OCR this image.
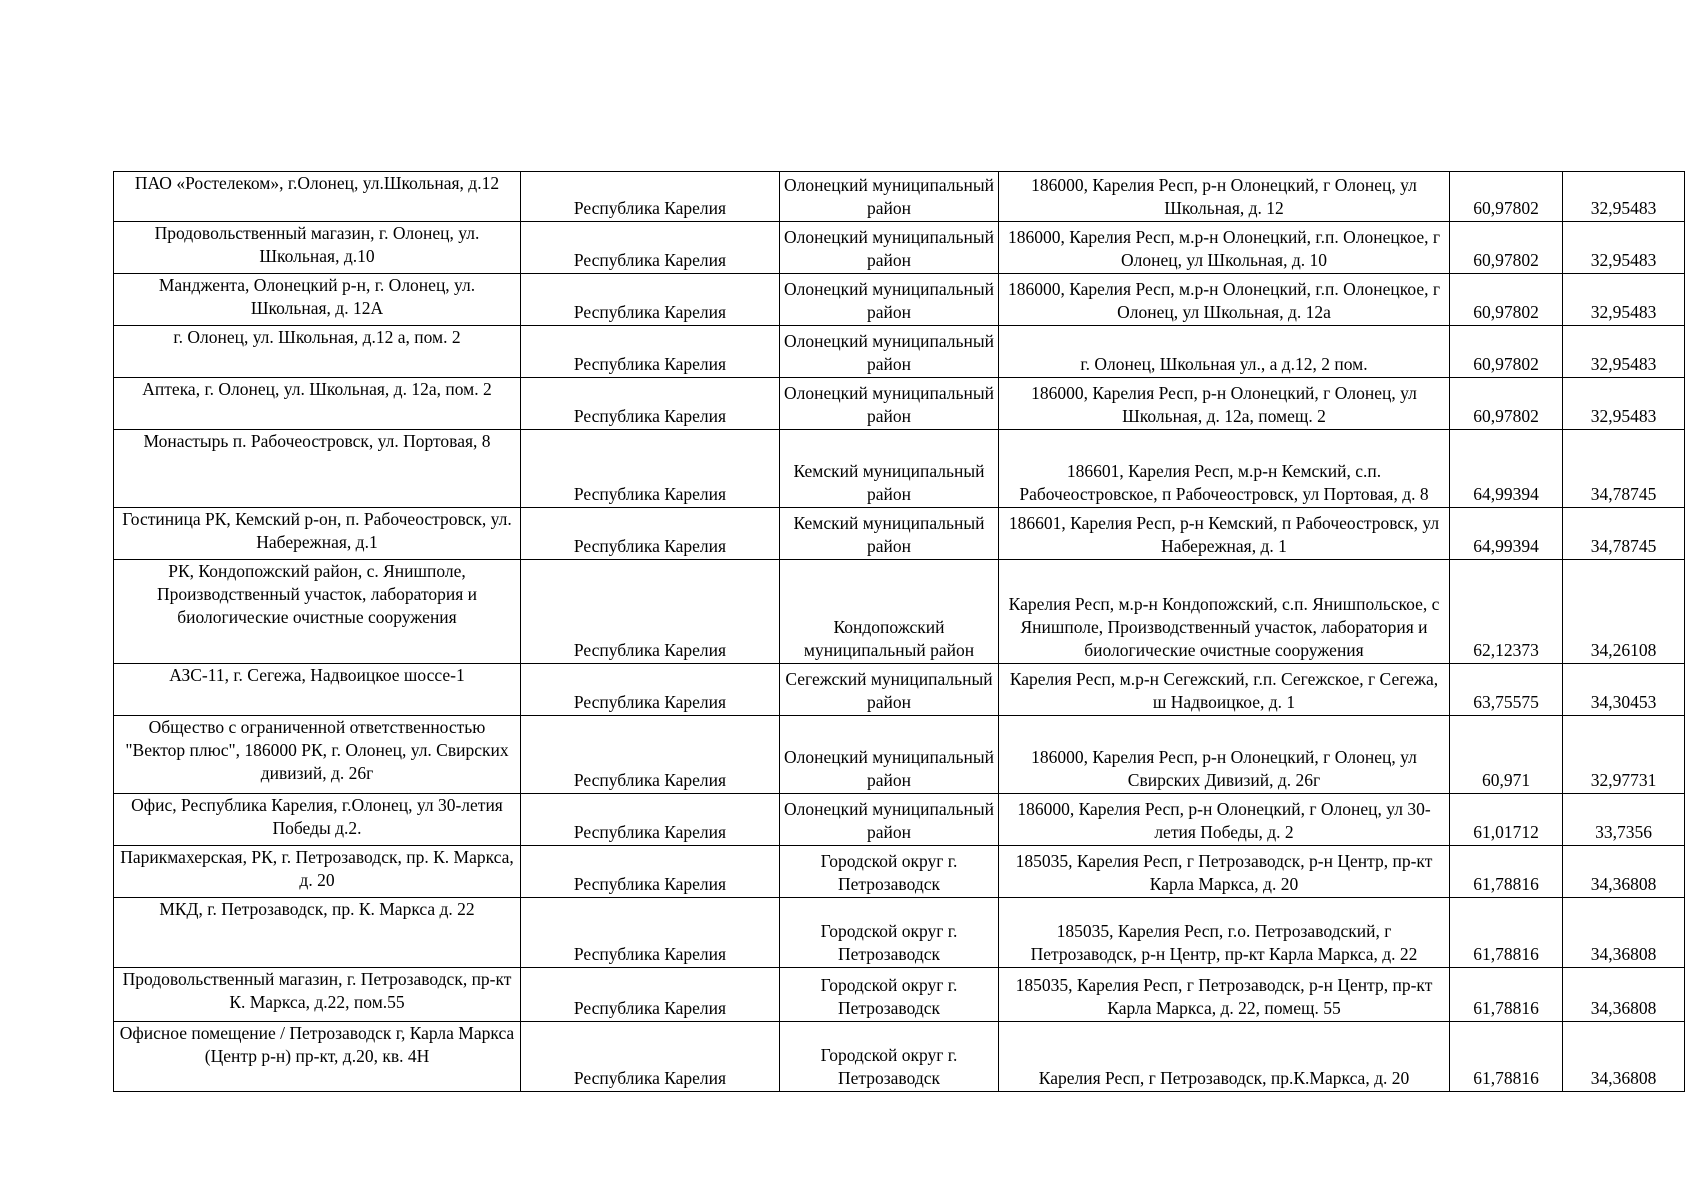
ПАО «Ростелеком», г.Олонец, ул.Школьная, д.12	Республика Карелия	Олонецкий муниципальный район	186000, Карелия Респ, р-н Олонецкий, г Олонец, ул Школьная, д. 12	60,97802	32,95483
Продовольственный магазин, г. Олонец, ул. Школьная, д.10	Республика Карелия	Олонецкий муниципальный район	186000, Карелия Респ, м.р-н Олонецкий, г.п. Олонецкое, г Олонец, ул Школьная, д. 10	60,97802	32,95483
Манджента, Олонецкий р-н, г. Олонец, ул. Школьная, д. 12А	Республика Карелия	Олонецкий муниципальный район	186000, Карелия Респ, м.р-н Олонецкий, г.п. Олонецкое, г Олонец, ул Школьная, д. 12а	60,97802	32,95483
г. Олонец, ул. Школьная, д.12 а, пом. 2	Республика Карелия	Олонецкий муниципальный район	г. Олонец, Школьная ул., а д.12, 2 пом.	60,97802	32,95483
Аптека, г. Олонец, ул. Школьная, д. 12а, пом. 2	Республика Карелия	Олонецкий муниципальный район	186000, Карелия Респ, р-н Олонецкий, г Олонец, ул Школьная, д. 12а, помещ. 2	60,97802	32,95483
Монастырь п. Рабочеостровск, ул. Портовая, 8	Республика Карелия	Кемский муниципальный район	186601, Карелия Респ, м.р-н Кемский, с.п. Рабочеостровское, п Рабочеостровск, ул Портовая, д. 8	64,99394	34,78745
Гостиница РК, Кемский р-он, п. Рабочеостровск, ул. Набережная, д.1	Республика Карелия	Кемский муниципальный район	186601, Карелия Респ, р-н Кемский, п Рабочеостровск, ул Набережная, д. 1	64,99394	34,78745
РК, Кондопожский район, с. Янишполе, Производственный участок, лаборатория и биологические очистные сооружения	Республика Карелия	Кондопожский муниципальный район	Карелия Респ, м.р-н Кондопожский, с.п. Янишпольское, с Янишполе, Производственный участок, лаборатория и биологические очистные сооружения	62,12373	34,26108
АЗС-11, г. Сегежа, Надвоицкое шоссе-1	Республика Карелия	Сегежский муниципальный район	Карелия Респ, м.р-н Сегежский, г.п. Сегежское, г Сегежа, ш Надвоицкое, д. 1	63,75575	34,30453
Общество с ограниченной ответственностью "Вектор плюс", 186000 РК, г. Олонец, ул. Свирских дивизий, д. 26г	Республика Карелия	Олонецкий муниципальный район	186000, Карелия Респ, р-н Олонецкий, г Олонец, ул Свирских Дивизий, д. 26г	60,971	32,97731
Офис, Республика Карелия, г.Олонец, ул 30-летия Победы д.2.	Республика Карелия	Олонецкий муниципальный район	186000, Карелия Респ, р-н Олонецкий, г Олонец, ул 30-летия Победы, д. 2	61,01712	33,7356
Парикмахерская, РК, г. Петрозаводск, пр. К. Маркса, д. 20	Республика Карелия	Городской округ г. Петрозаводск	185035, Карелия Респ, г Петрозаводск, р-н Центр, пр-кт Карла Маркса, д. 20	61,78816	34,36808
МКД, г. Петрозаводск, пр. К. Маркса д. 22	Республика Карелия	Городской округ г. Петрозаводск	185035, Карелия Респ, г.о. Петрозаводский, г Петрозаводск, р-н Центр, пр-кт Карла Маркса, д. 22	61,78816	34,36808
Продовольственный магазин, г. Петрозаводск, пр-кт К. Маркса, д.22, пом.55	Республика Карелия	Городской округ г. Петрозаводск	185035, Карелия Респ, г Петрозаводск, р-н Центр, пр-кт Карла Маркса, д. 22, помещ. 55	61,78816	34,36808
Офисное помещение / Петрозаводск г, Карла Маркса (Центр р-н) пр-кт, д.20, кв. 4Н	Республика Карелия	Городской округ г. Петрозаводск	Карелия Респ, г Петрозаводск, пр.К.Маркса, д. 20	61,78816	34,36808
